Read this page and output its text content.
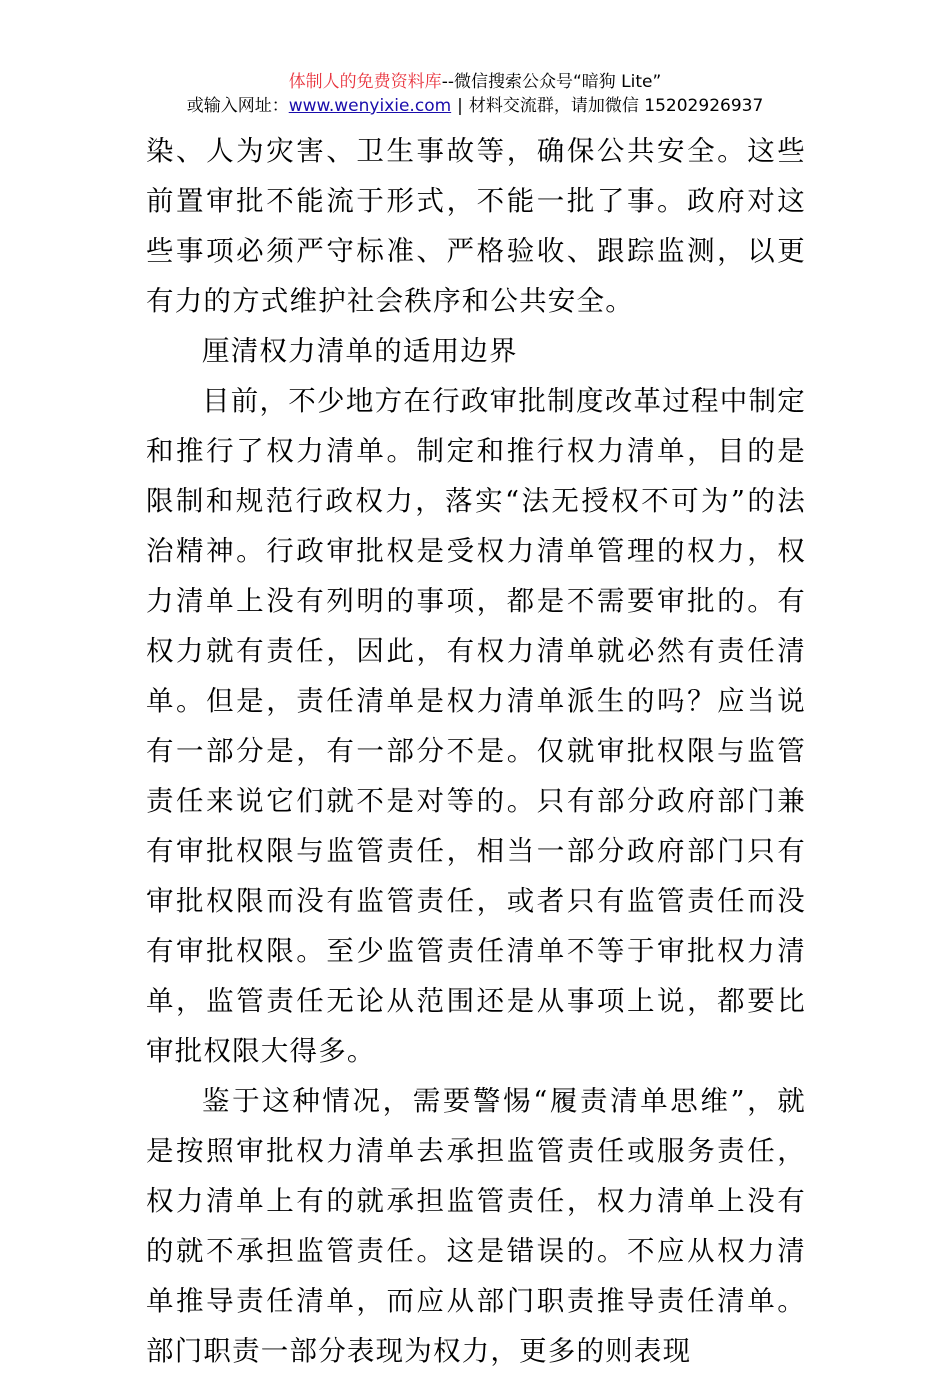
体制人的免费资料库--微信搜索公众号“暗狗 Lite”
或输入网址：www.wenyixie.com | 材料交流群，请加微信 15202926937

染、人为灾害、卫生事故等，确保公共安全。这些前置审批不能流于形式，不能一批了事。政府对这些事项必须严守标准、严格验收、跟踪监测，以更有力的方式维护社会秩序和公共安全。

厘清权力清单的适用边界

目前，不少地方在行政审批制度改革过程中制定和推行了权力清单。制定和推行权力清单，目的是限制和规范行政权力，落实“法无授权不可为”的法治精神。行政审批权是受权力清单管理的权力，权力清单上没有列明的事项，都是不需要审批的。有权力就有责任，因此，有权力清单就必然有责任清单。但是，责任清单是权力清单派生的吗？应当说有一部分是，有一部分不是。仅就审批权限与监管责任来说它们就不是对等的。只有部分政府部门兼有审批权限与监管责任，相当一部分政府部门只有审批权限而没有监管责任，或者只有监管责任而没有审批权限。至少监管责任清单不等于审批权力清单，监管责任无论从范围还是从事项上说，都要比审批权限大得多。

鉴于这种情况，需要警惕“履责清单思维”，就是按照审批权力清单去承担监管责任或服务责任，权力清单上有的就承担监管责任，权力清单上没有的就不承担监管责任。这是错误的。不应从权力清单推导责任清单，而应从部门职责推导责任清单。部门职责一部分表现为权力，更多的则表现
